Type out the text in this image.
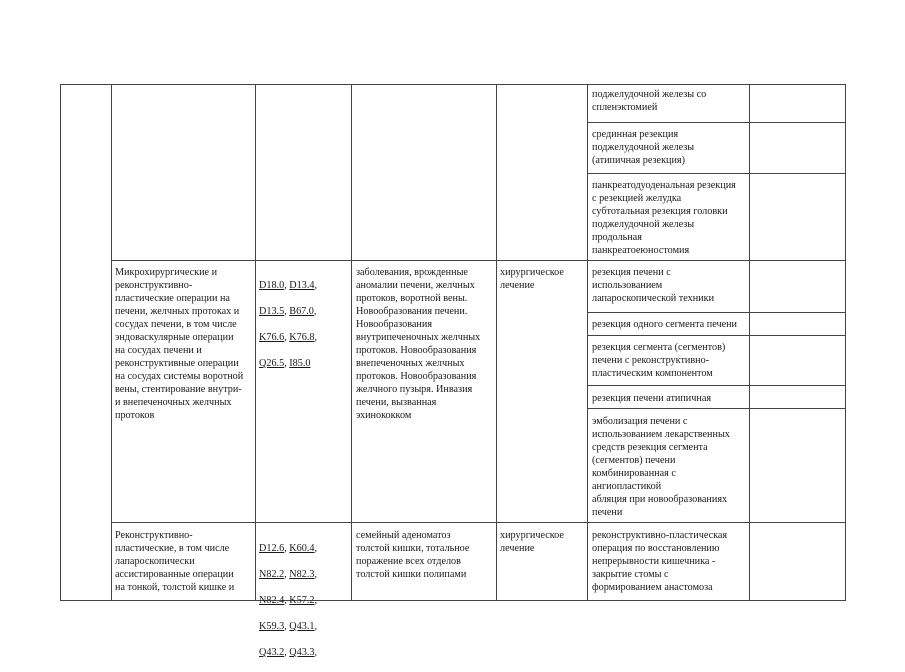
поджелудочной железы со
спленэктомией
срединная резекция
поджелудочной железы
(атипичная резекция)
панкреатодуоденальная резекция
с резекцией желудка
субтотальная резекция головки
поджелудочной железы
продольная
панкреатоеюностомия
Микрохирургические и
реконструктивно-
пластические операции на
печени, желчных протоках и
сосудах печени, в том числе
эндоваскулярные операции
на сосудах печени и
реконструктивные операции
на сосудах системы воротной
вены, стентирование внутри-
и внепеченочных желчных
протоков

D18.0, D13.4,

D13.5, B67.0,

K76.6, K76.8,

Q26.5, I85.0

заболевания, врожденные
аномалии печени, желчных
протоков, воротной вены.
Новообразования печени.
Новообразования
внутрипеченочных желчных
протоков. Новообразования
внепеченочных желчных
протоков. Новообразования
желчного пузыря. Инвазия
печени, вызванная
эхинококком
хирургическое
лечение
резекция печени с
использованием
лапароскопической техники
резекция одного сегмента печени
резекция сегмента (сегментов)
печени с реконструктивно-
пластическим компонентом
резекция печени атипичная
эмболизация печени с
использованием лекарственных
средств резекция сегмента
(сегментов) печени
комбинированная с
ангиопластикой
абляция при новообразованиях
печени
Реконструктивно-
пластические, в том числе
лапароскопически
ассистированные операции
на тонкой, толстой кишке и

D12.6, K60.4,

N82.2, N82.3,

N82.4, K57.2,

K59.3, Q43.1,

Q43.2, Q43.3,

семейный аденоматоз
толстой кишки, тотальное
поражение всех отделов
толстой кишки полипами
хирургическое
лечение
реконструктивно-пластическая
операция по восстановлению
непрерывности кишечника -
закрытие стомы с
формированием анастомоза
